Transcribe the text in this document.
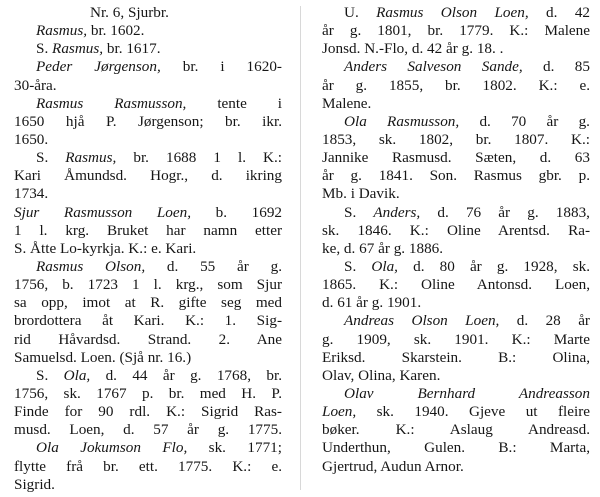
Nr. 6, Sjurbr.
Rasmus, br. 1602.
S. Rasmus, br. 1617.
Peder Jørgenson, br. i 1620-
30-åra.
Rasmus Rasmusson, tente i
1650 hjå P. Jørgenson; br. ikr.
1650.
S. Rasmus, br. 1688 1 l. K.:
Kari Åmundsd. Hogr., d. ikring
1734.
Sjur Rasmusson Loen, b. 1692
1 l. krg. Bruket har namn etter
S. Åtte Lo-kyrkja. K.: e. Kari.
Rasmus Olson, d. 55 år g.
1756, b. 1723 1 l. krg., som Sjur
sa opp, imot at R. gifte seg med
brordottera åt Kari. K.: 1. Sig-
rid Håvardsd. Strand. 2. Ane
Samuelsd. Loen. (Sjå nr. 16.)
S. Ola, d. 44 år g. 1768, br.
1756, sk. 1767 p. br. med H. P.
Finde for 90 rdl. K.: Sigrid Ras-
musd. Loen, d. 57 år g. 1775.
Ola Jokumson Flo, sk. 1771;
flytte frå br. ett. 1775. K.: e.
Sigrid.
U. Rasmus Olson Loen, d. 42
år g. 1801, br. 1779. K.: Malene
Jonsd. N.-Flo, d. 42 år g. 18. .
Anders Salveson Sande, d. 85
år g. 1855, br. 1802. K.: e.
Malene.
Ola Rasmusson, d. 70 år g.
1853, sk. 1802, br. 1807. K.:
Jannike Rasmusd. Sæten, d. 63
år g. 1841. Son. Rasmus gbr. p.
Mb. i Davik.
S. Anders, d. 76 år g. 1883,
sk. 1846. K.: Oline Arentsd. Ra-
ke, d. 67 år g. 1886.
S. Ola, d. 80 år g. 1928, sk.
1865. K.: Oline Antonsd. Loen,
d. 61 år g. 1901.
Andreas Olson Loen, d. 28 år
g. 1909, sk. 1901. K.: Marte
Eriksd. Skarstein. B.: Olina,
Olav, Olina, Karen.
Olav Bernhard Andreasson
Loen, sk. 1940. Gjeve ut fleire
bøker. K.: Aslaug Andreasd.
Underthun, Gulen. B.: Marta,
Gjertrud, Audun Arnor.
